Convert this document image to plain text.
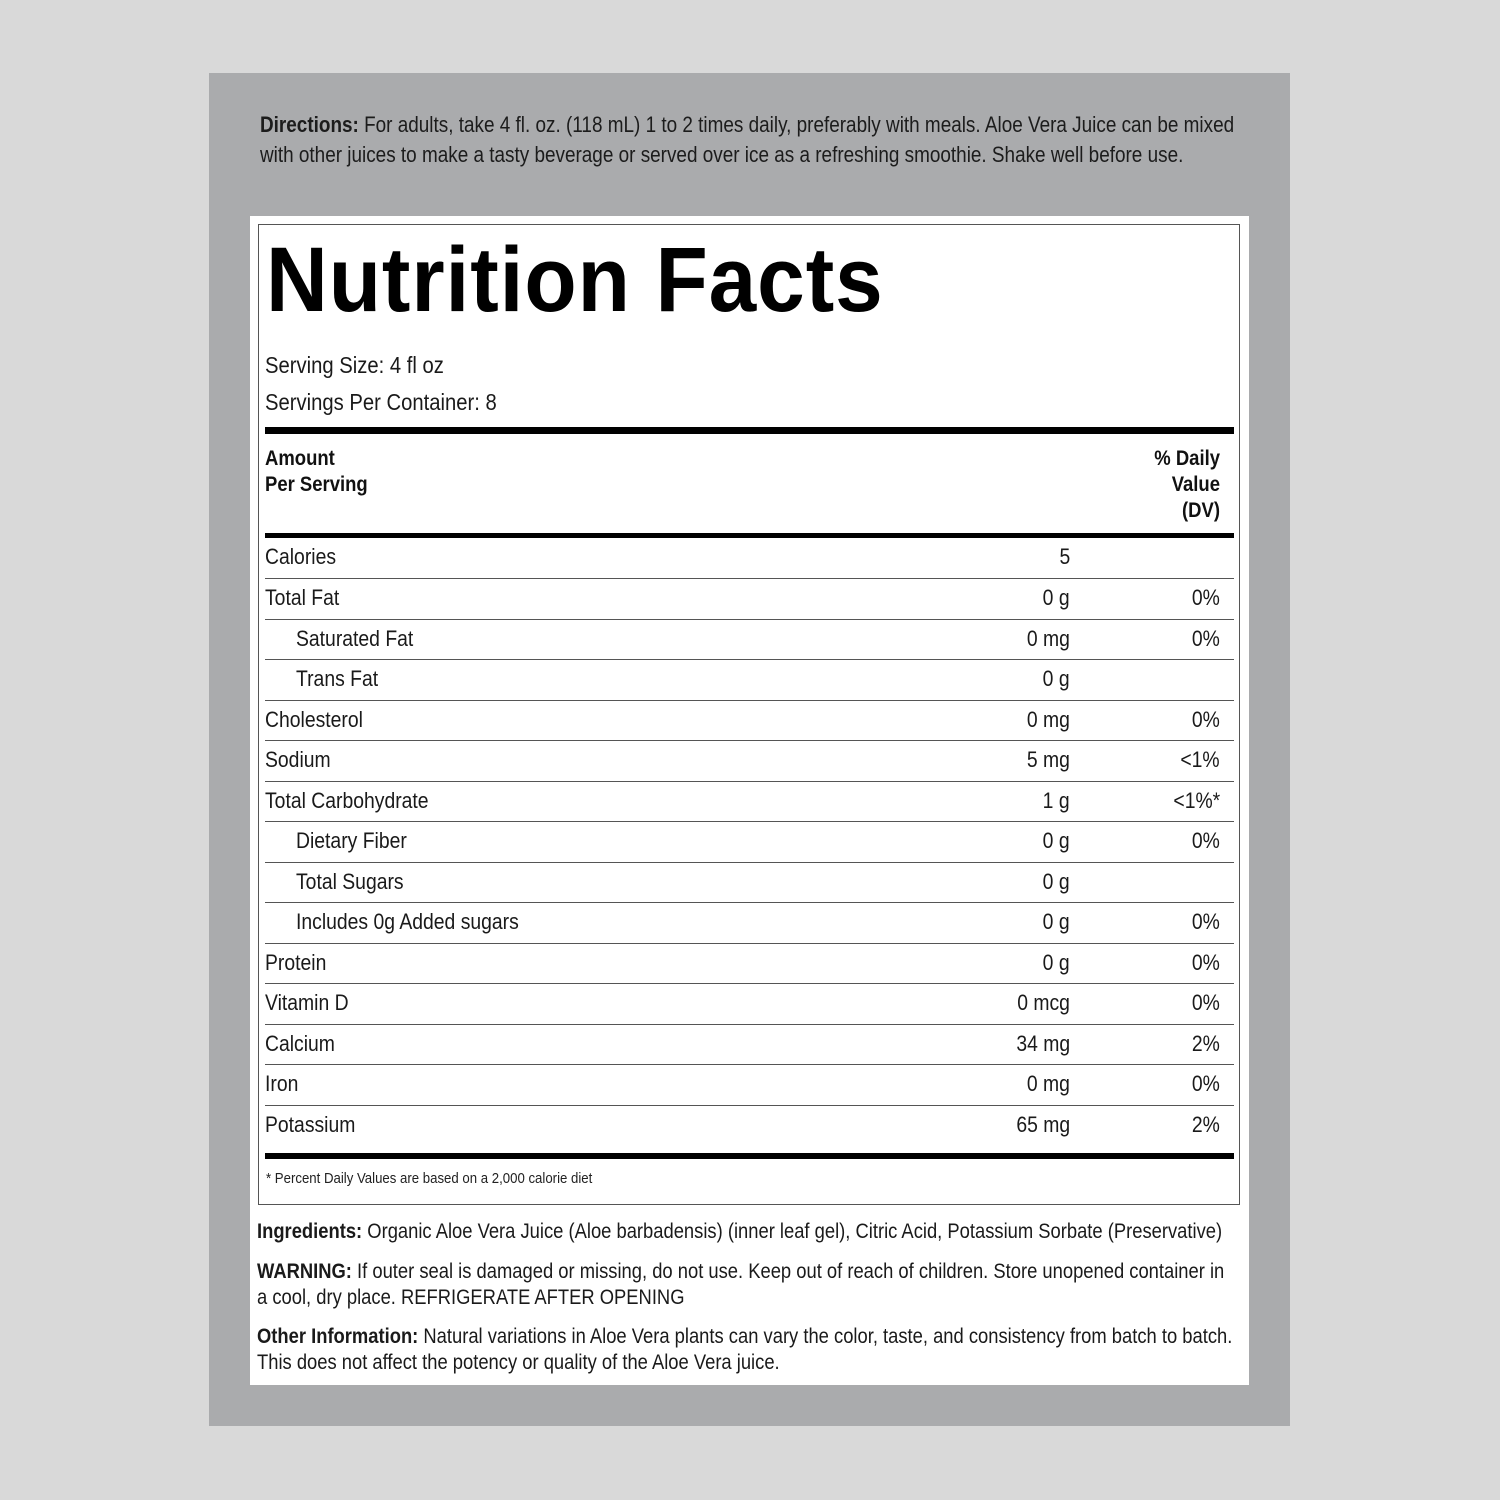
Directions: For adults, take 4 fl. oz. (118 mL) 1 to 2 times daily, preferably with meals. Aloe Vera Juice can be mixed with other juices to make a tasty beverage or served over ice as a refreshing smoothie. Shake well before use.
Nutrition Facts
Serving Size: 4 fl oz
Servings Per Container: 8
Amount
Per Serving
% Daily
Value
(DV)
Calories	5
Total Fat	0 g	0%
Saturated Fat	0 mg	0%
Trans Fat	0 g
Cholesterol	0 mg	0%
Sodium	5 mg	<1%
Total Carbohydrate	1 g	<1%*
Dietary Fiber	0 g	0%
Total Sugars	0 g
Includes 0g Added sugars	0 g	0%
Protein	0 g	0%
Vitamin D	0 mcg	0%
Calcium	34 mg	2%
Iron	0 mg	0%
Potassium	65 mg	2%
* Percent Daily Values are based on a 2,000 calorie diet
Ingredients: Organic Aloe Vera Juice (Aloe barbadensis) (inner leaf gel), Citric Acid, Potassium Sorbate (Preservative)
WARNING: If outer seal is damaged or missing, do not use. Keep out of reach of children. Store unopened container in a cool, dry place. REFRIGERATE AFTER OPENING
Other Information: Natural variations in Aloe Vera plants can vary the color, taste, and consistency from batch to batch. This does not affect the potency or quality of the Aloe Vera juice.
